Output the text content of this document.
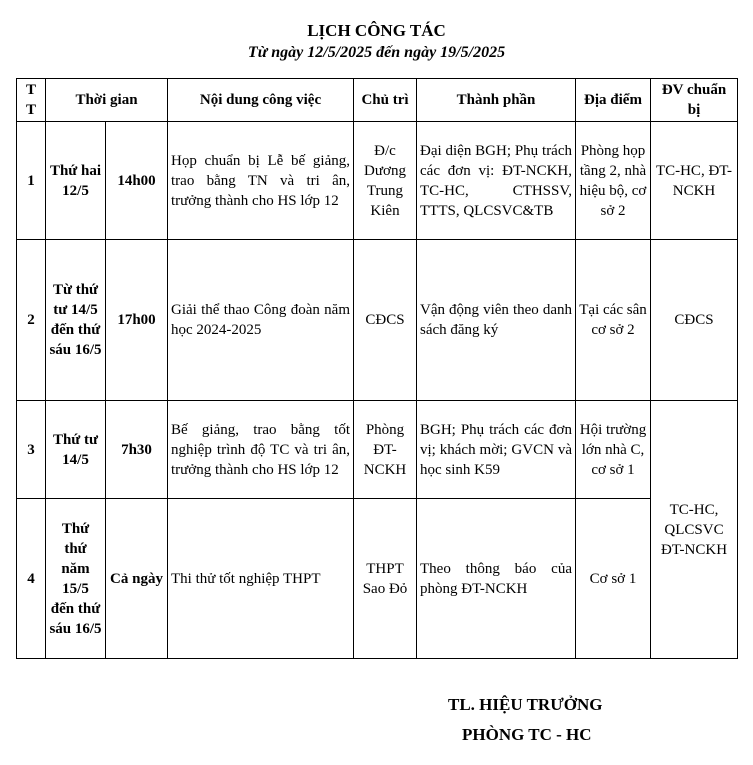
LỊCH CÔNG TÁC
Từ ngày 12/5/2025 đến ngày 19/5/2025
T T	Thời gian		Nội dung công việc	Chủ trì	Thành phần	Địa điểm	ĐV chuẩn bị
1	Thứ hai 12/5	14h00	Họp chuẩn bị Lễ bế giảng, trao bằng TN và tri ân, trưởng thành cho HS lớp 12	Đ/c Dương Trung Kiên	Đại diện BGH; Phụ trách các đơn vị: ĐT-NCKH, TC-HC, CTHSSV, TTTS, QLCSVC&TB	Phòng họp tầng 2, nhà hiệu bộ, cơ sở 2	TC-HC, ĐT-NCKH
2	Từ thứ tư 14/5 đến thứ sáu 16/5	17h00	Giải thể thao Công đoàn năm học 2024-2025	CĐCS	Vận động viên theo danh sách đăng ký	Tại các sân cơ sở 2	CĐCS
3	Thứ tư 14/5	7h30	Bế giảng, trao bằng tốt nghiệp trình độ TC và tri ân, trưởng thành cho HS lớp 12	Phòng ĐT-NCKH	BGH; Phụ trách các đơn vị; khách mời; GVCN và học sinh K59	Hội trường lớn nhà C, cơ sở 1	TC-HC, QLCSVC ĐT-NCKH
4	Thứ thứ năm 15/5 đến thứ sáu 16/5	Cả ngày	Thi thử tốt nghiệp THPT	THPT Sao Đỏ	Theo thông báo của phòng ĐT-NCKH	Cơ sở 1	
TL. HIỆU TRƯỞNG
PHÒNG TC - HC
